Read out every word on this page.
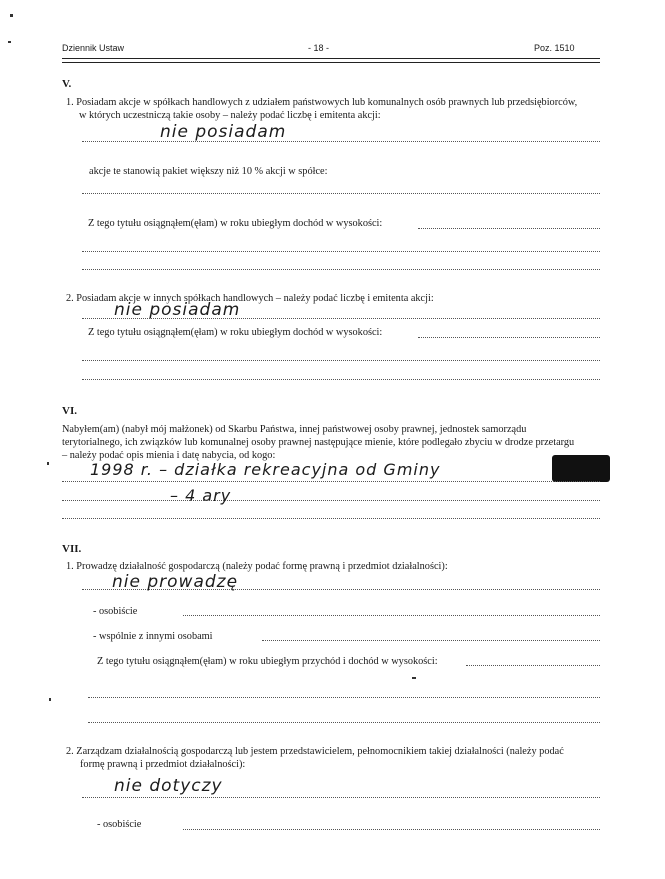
Dziennik Ustaw	- 18 -	Poz. 1510
V.
1. Posiadam akcje w spółkach handlowych z udziałem państwowych lub komunalnych osób prawnych lub przedsiębiorców,
w których uczestniczą takie osoby – należy podać liczbę i emitenta akcji:
nie posiadam
akcje te stanowią pakiet większy niż 10 % akcji w spółce:
Z tego tytułu osiągnąłem(ęłam) w roku ubiegłym dochód w wysokości:
2. Posiadam akcje w innych spółkach handlowych – należy podać liczbę i emitenta akcji:
nie posiadam
Z tego tytułu osiągnąłem(ęłam) w roku ubiegłym dochód w wysokości:
VI.
Nabyłem(am) (nabył mój małżonek) od Skarbu Państwa, innej państwowej osoby prawnej, jednostek samorządu
terytorialnego, ich związków lub komunalnej osoby prawnej następujące mienie, które podlegało zbyciu w drodze przetargu
– należy podać opis mienia i datę nabycia, od kogo:
1998 r. – działka rekreacyjna od Gminy
– 4 ary
VII.
1. Prowadzę działalność gospodarczą (należy podać formę prawną i przedmiot działalności):
nie prowadzę
- osobiście
- wspólnie z innymi osobami
Z tego tytułu osiągnąłem(ęłam) w roku ubiegłym przychód i dochód w wysokości:
2. Zarządzam działalnością gospodarczą lub jestem przedstawicielem, pełnomocnikiem takiej działalności (należy podać
formę prawną i przedmiot działalności):
nie dotyczy
- osobiście
